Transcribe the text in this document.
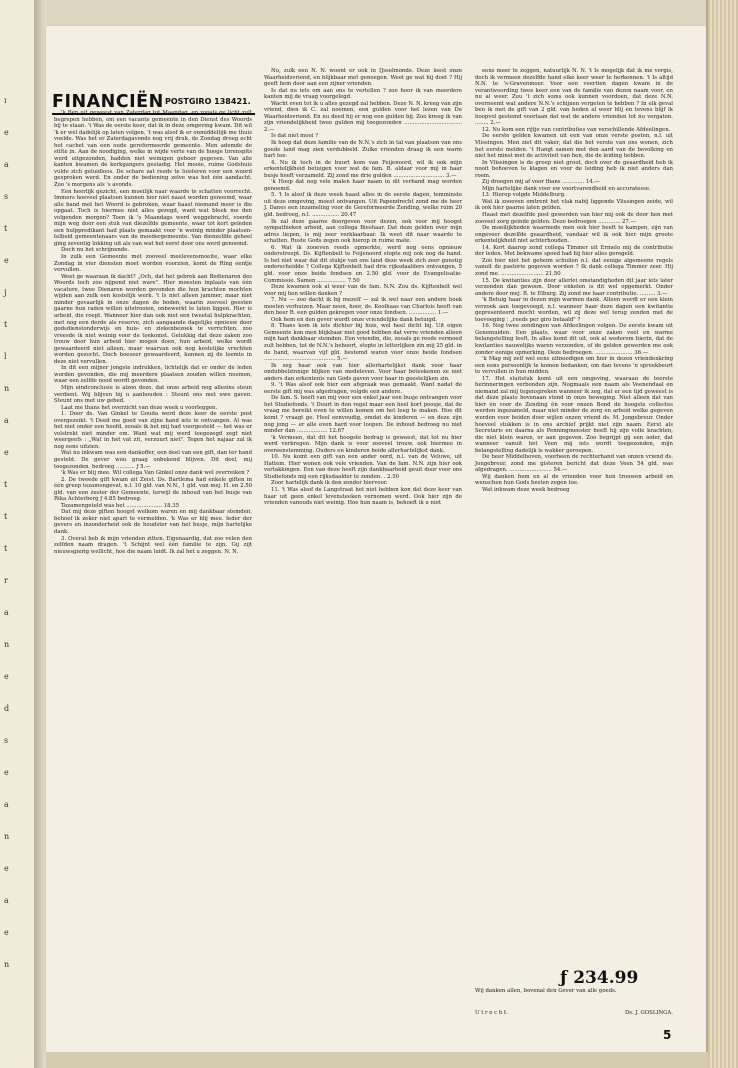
ı
e
a
s
t
e
j
t
l
n
a
e
t
t
t
r
a
n
e
d
s
e
a
n
e
a
e
n
FINANCIËN POSTGIRO 138421.

'k Ben uit geweest van Zaterdag tot Maandag, en zooals ge licht zult begrepen hebben, om een vacante gemeente in den Dienst des Woords bij te staan. 't Was de eerste keer, dat ik in deze omgeving kwam. Dit wil 'k er wel dadelijk op laten volgen, 't was alsof ik er onmiddellijk me thuis voelde. Was het er Zaterdagavonds nog vrij druk, de Zondag droeg echt het cachet van een oude gereformeerde gemeente. Men ademde de stilte in. Aan de noodiging, welke in wijde verte van de hooge torenspits werd uitgezonden, hadden niet weinigen gehoor gegeven. Van alle kanten kwamen de kerkgangers gestadig. Het mooie, ruime Godshuis vulde zich geluidloos. De schare zat reeds te luisteren voor een woord gesproken werd. En onder de bediening zelve was het één aandacht. Zoo 's morgens als 's avonds.

Een heerlijk gezicht, een moeilijk naar waarde te schatten voorrecht. Immers hoeveel plaatsen kunnen hier niet naast worden genoemd, waar alle band met het Woord is gebroken, waar haast niemand meer is die opgaat. Toch is hiermee niet alles gezegd, want wat bleek me den volgenden morgen? Toen ik 's Maandags werd weggebracht, voerde mijn weg door een stuk van diezelfde gemeente, waar tot kort geleden een hulppredikant had plaats gemaakt voor 'n weinig minder plaatsen-telbeid gemeentenaars van de moedergemeente. Van dienzelfde geheel ging zeventig lokking uit als van wat het eerst door ons werd genoemd.

Doch nu het schrijnende.

In zulk een Gemeente met zooveel meelevensmoeite, waar elke Zondag in vier diensten moet worden voorzien, komt de Ring eentje vervullen.

Weet ge waaraan ik dacht? „Och, dat het gebrek aan Bedienaren des Woords toch zoo nijpend niet ware". Hier moesten inplaats van één vacature, twee Dienaren worden gevonden die hun krachten mochten wijden aan zulk een kostelijk werk. 't Is niet alleen jammer, maar niet minder gevaarlijk in onze dagen de boden, waarin zooveel geesten gaarne hun raden willen uitstrooien, onbewerkt te laten liggen. Hier is arbeid, die roept. Wanneer hier dan ook niet een tweetal hulpkrachten, met nog een derde als reserve, zich aangaande dagelijks opnieuw door godsdienstonderwijs en huis- en ziekenbezoek te verrichten, zoo vreesde ik niet weinig voor de toekomst. Gelukkig dat deze zaken zoo trouw door hun arbeid hier mogen doen, hun arbeid, welke wordt gewaardeerd niet alleen, maar waarvan ook nog kostelijke vruchten worden gezocht. Doch boeseer gewaardeerd, kunnen zij de leemte in deze niet vervullen.

In dit een mijner jongste indrukken, lichtelijk dat er onder de leden worden gevonden, die mij meerdere plaatsen zouden willen noemen, waar een zelfde nood wordt gevonden.

Mijn eindconclusie is alzoo deze, dat onze arbeid nog allesins steun verdient. Wij blijven bij u aanhouden : Steunt ons met uwe gaven. Steunt ons met uw gebed.

Laat me thans het overzicht van deze week u voorleggen.

1. Door ds. Van Ginkel te Gouda werd deze keer de eerste post overgezeikt. 't Deed me goed van zijne hand iets te ontvangen. Al was het niet onder een hoofd, zooals ik het mij had voorgesteld — het was er volstrekt niet minder om. Want wat mij werd toegezegd zegt niet weergeefs : „Wat in het vat zit, verzuurt niet". Tegen het najaar zal ik nog eens uitzien.

Wat nu inkwam was een dankoffer, een deel van een gift, dan ter hand gesteld. De gever wou graag onbekend blijven. Dit deel, mij toegezonden, bedroeg ........... ƒ 5.—

'k Was er blij mee. Wil collega Van Ginkel onze dank wel overreiken ?

2. De tweede gift kwam uit Zeist. Ds. Bartlema had enkele giften in één greep tezamengevat, n.l. 10 gld. van N.N., 1 gld. van mej. H. en 2.50 gld. van een zuster der Gemeente, terwijl de inhoud van het busje van Rika Achterberg ƒ 4.85 bedroeg.

Tezamengeteld was het ..................... 18.35

Dat mij deze giften hoogst welkom waren en mij dankbaar stemden, behoef ik zeker niet apart te vermelden. 'k Was er blij mee. Ieder der gevers en inzonderheid ook de houdster van het busje, mijn hartelijke dank.

3. Overal heb ik mijn vrienden zitten. Eigenaardig, dat zoo velen den zelfden naam dragen. 't Schijnt wel één familie te zijn. Gij zijt nieuwsgierig wellicht, hoe die naam luidt. Ik zal het u zeggen. N. N.

Nu, zulk een N. N. woont er ook in IJsselmonde. Deze leest onze Waarheidsvriend, en blijkbaar met genoegen. Weet ge wat hij doet ? Hij geeft hem door aan een zijner vrienden.

Is dat nu iets om aan ons te vertellen ? zoo hoor ik van meerdere kanten mij de vraag voorgelegd.

Wacht even tot ik u alles gezegd zal hebben. Deze N. N. kreeg van zijn vriend, dien ik C. zal noemen, een gulden voor het lezen van De Waarheidsvriend. En nu deed hij er nog een gulden bij. Zoo kreeg ik van zijn vriendelijkheid twee gulden mij toegezonden .................................. 2.—

Is dat niet mooi ?

Ik hoop dat deze familie van de N.N.'s zich in tal van plaatsen van ons goede land mag zien verdubbeld. Zulke vrienden draag ik een warm hart toe.

4. Nu ik toch in de buurt kom van Feijenoord, wil ik ook mijn erkentelijkheid betuigen voor wat de fam. B. aldaar voor mij in haar busje heeft verzameld. Zij zond me drie gulden .............................. 3.—

'k Hoop dat nog vele malen haar naam in dit verband mag worden genoemd.

5. 't Is alsof ik deze week haast alles in de eerste dagen, temminste uit deze omgeving, moest ontvangen. Uit Papendrecht zond me de heer J. Danes een inzameling voor de Gereformeerde Zending, welke ruim 20 gld. bedroeg, n.l. ................ 20.47

Ik zal deze gaarne doorgeven voor dezen, ook voor mij hoogst sympathieken arbeid, aan collega Bieshaar. Dat deze gelden over mijn adres liepen, is mij zeer verklaarbaar. Ik weet dit naar waarde te schatten. Ruste Gods zegen ook hierop in ruime mate.

6. Wat ik zooeven reeds opmerkte, werd nog eens opnieuw onderstreept. Ds. Kijftenbelt te Feijenoord stopte mij ook nog de hand. Is het niet waar dat dit stukje van ons land deze week zich zeer gunstig onderscheidde ? Collega Kijftenbelt had drie rijksdaalders ontvangen, 5 gld. voor onze beide fondsen en 2.50 gld. voor de Evangelisatie-Commissie. Samen ................. 7.50

Deze kwamen ook al weer van de fam. N.N. Zou ds. Kijftenbelt wel voor mij hen willen danken ?

7. Nu — zoo dacht ik bij mezelf — zal ik wel naar een andere hoek moeten verhuizen. Maar neen, hoor, ds. Koolhaas van Charlois heeft van den heer R. een gulden gekregen voor onze fondsen. ................ 1.—

Ook hem en den gever wordt onze vriendelijke dank betuigd.

8. Thans kom ik iets dichter bij huis, wel heel dicht bij. Uit eigen Gemeente kon men blijkbaar niet goed hebben dat verre vrienden alleen mijn hart dankbaar stemden. Een vriendin, die, zooals ge reeds vermoed zult hebben, tot de N.N.'s behoort, stopte in letterlijken zin mij 25 gld. in de hand, waarvan vijf gld. bestemd waren voor onze beide fondsen .......................................... 5.—

Ik zeg haar ook van hier allerhartelijkst dank voor haar ondubbelzinnige blijken van medeleven. Voor haar beteekenen ze niet anders dan erkentenis van Gods gaven voor haar in geestelijken zin.

9. 't Was alsof ook hier een afspraak was gemaakt. Want nadat de eerste gift mij was afgedragen, volgde een andere.

De fam. S. heeft van mij voor een enkel jaar een busje ontvangen voor het Studiefonds. 't Duurt in den regel maar een heel kort poosje, dat de vraag me bereikt even te willen komen om het leeg te maken. Hoe dit komt ? vraagt ge. Heel eenvoudig, omdat de kinderen — en deze zijn nog jong — er alle even hard voor loopen. De inhoud bedroeg nu niet minder dan .................. 12.67

'k Vermeen, dat dit het hoogste bedrag is geweest, dat tot nu hier werd verkregen. Mijn dank is voor zooveel trouw, ook hiermee in overeenstemming. Ouders en kinderen beide allerhartelijkst dank.

10. Nu komt een gift van een ander oord, n.l. van de Veluwe, uit Hattem. Hier wonen ook vele vrienden. Van de fam. N.N. zijn hier ook vertakkingen. Een van deze heeft zijn dankbaarheid geuit door voor ons Studiefonds mij een rijksdaalder te zenden. . 2.50

Zoor hartelijk dank ik den zender hiervoor.

11. 't Was alsof de Langstraat het niet hebben kon dat deze keer van haar uit geen enkel levensteeken vernomen werd. Ook hier zijn de vrienden vanouds niet weinig. Hoe hun naam is, behoeft ik u niet

eens meer te zeggen, natuurlijk N. N. 't Is mogelijk dat ik me vergis, doch ik vermeen dezelfde hand elke keer weer te herkennen. 't Is altijd N.N. te 's-Gravenmoer. Voor een veertien dagen kwam in de verantwoording twee keer een van de familie van dezen naam voor, en nu al weer. Zou 't zich soms ook kunnen voordoen, dat deze N.N. overneemt wat andere N.N.'s schijnen vergeten te hebben ? In elk geval ben ik met de gift van 2 gld. van heden al weer blij en tevens blijf ik hoopvol gestemd voortaan dat wat de andere vrienden tot nu vergaten. ........ 2.—

12. Nu kom een rijtje van contributies van verschillende Afdeelingen.

De eerste gelden kwamen uit een van onze verste posten, n.l. uit Vlissingen. Men ziet dit vaker, dat die het verste van ons wonen, zich het eerste melden. 't Hangt samen met den aard van de bevolking en niet het minst met de activiteit van hen, die de leiding hebben.

In Vlissingen is de groep niet groot, doch over de geaardheid heb ik nooit behoeven te klagen en voor de leiding heb ik niet anders dan roem.

Zij droegen mij af voor thans ............. 14.—

Mijn hartelijke dank voor uw voortvarendheid en accuratesse.

13. Hierop volgde Middelburg.

Wat ik zooeven omtrent het vlak nabij liggende Vlissingen zeide, wil ik ook hier gaarne laten gelden.

Haast met dezelfde post gewerden van hier mij ook de door hen met zooveel zorg geinde gelden. Deze bedroegen ............. 27.—

De moeilijkheden waarmede men ook hier heeft te kampen, zijn van ongeveer dezelfde geaardheid, vandaar wil ik ook hier mijn groote erkentelijkheid niet achterhouden.

14. Kort daarop zond collega Timmer uit Ermelo mij de contributie der leden. Met bekwame spoed had hij hier alles geregeld.

Zoo hier niet het geheim schuilen n.l. dat eenige algemeene regels vanuit de pastorie gegeven worden ? Ik dank collega Timmer zeer. Hij zond me. ......................... 21.50

15. De kwitanties zijn door allerlei omstandigheden dit jaar iets later verzonden dan gewoon. Door enkelen is dit wel opgemerkt. Onder andere door mej. B. te Elburg. Zij zond me haar contributie. ......... 3.—

'k Betuig haar in dezen mijn warmen dank. Alleen wordt er een klein verzoek aan toegevoegd, n.l. wanneer haar deze dagen een kwitantie gepresenteerd mocht worden, wil zij deze wel terug zenden met de toevoeging : „reeds per giro betaald" ?

16. Nog twee zendingen van Afdeelingen volgen. De eerste kwam uit Genemuiden. Een plaats, waar voor onze zaken veel en warme belangstelling leeft. In alles komt dit uit, ook al wederom hierin, dat de kwitanties nauwelijks waren verzonden, of de gelden gewerden me ook zonder eenige opmerking. Deze bedroegen. ...................... 36.—

'k Mag mij zelf wel eens uitnoodigen om hier in dezen vriendenkring een eens persoonlijk te komen bedanken, om dan tevens 'n spreekbeurt te vervullen in hun midden.

17. Het sluitstuk komt uit een omgeving, waaraan de teerste herinneringen verbonden zijn. Nogmaals een naam als Veenendaal en niemand zal mij tegenspreken wanneer ik zeg, dat er een tijd geweest is dat deze plaats bovenaan stond in onze beweging. Niet alleen dat van hier én voor de Zending én voor onzen Bond de hoogste collectes werden ingezameld, maar niet minder de zorg en arbeid welke gegeven werden voor beiden door wijlen onzen vriend ds. M. Jongebreur. Onder hoeveel stukken is in ons archief prijkt niet zijn naam. Eerst als Secretaris en daarna als Penningmeester heeft hij zijn volle krachten, die niet klein waren, er aan gegeven. Zoo begrijpt gij een ieder, dat wanneer vanuit het Veen mij iets wordt toegezonden, mijn belangstelling dadelijk is wakker geroepen.

De heer Middelhoven, voorheen de rechterhand van onzen vriend ds. Jongebreur, zond me gisteren bericht dat deze Veen 54 gld. was afgedragen. ......................... 54.—

Wij danken hem en al de vrienden voor hun trouwen arbeid en wenschen hun Gods besten zegen toe.

Wat inkwam deze week bedroeg

ƒ 234.99
Wij danken allen, bovenal den Gever van alle goeds.
U t r e c h t.	Ds. J. GOSLINGA.
5
